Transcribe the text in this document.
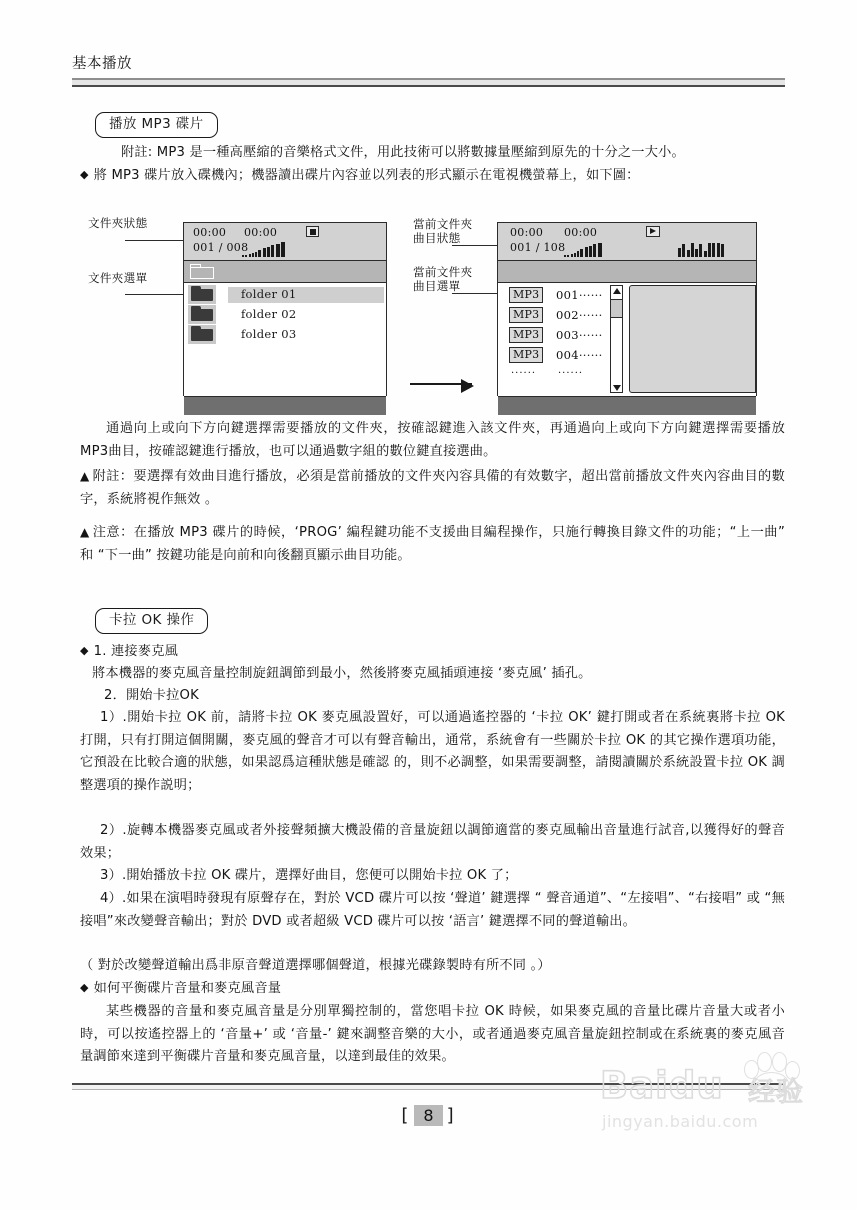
基本播放
播放 MP3 碟片
附註: MP3 是一種高壓縮的音樂格式文件，用此技術可以將數據量壓縮到原先的十分之一大小。
◆ 將 MP3 碟片放入碟機內；機器讀出碟片內容並以列表的形式顯示在電視機螢幕上，如下圖：
文件夾狀態
文件夾選單
00:00 00:00
001 / 008
folder 01
folder 02
folder 03
當前文件夾
曲目狀態
當前文件夾
曲目選單
00:00 00:00
001 / 108
MP3	001······
MP3	002······
MP3	003······
MP3	004······
······ ······
通過向上或向下方向鍵選擇需要播放的文件夾，按確認鍵進入該文件夾，再通過向上或向下方向鍵選擇需要播放MP3曲目，按確認鍵進行播放，也可以通過數字組的數位鍵直接選曲。
▲ 附註：要選擇有效曲目進行播放，必須是當前播放的文件夾內容具備的有效數字，超出當前播放文件夾內容曲目的數字，系統將視作無效 。
▲ 注意：在播放 MP3 碟片的時候，‘PROG’ 編程鍵功能不支援曲目編程操作，只施行轉換目錄文件的功能；“上一曲” 和 “下一曲” 按鍵功能是向前和向後翻頁顯示曲目功能。
卡拉 OK 操作
◆ 1. 連接麥克風
將本機器的麥克風音量控制旋鈕調節到最小，然後將麥克風插頭連接 ‘麥克風’ 插孔。
2．開始卡拉OK
1）.開始卡拉 OK 前，請將卡拉 OK 麥克風設置好，可以通過遙控器的 ‘卡拉 OK’ 鍵打開或者在系統裏將卡拉 OK 打開，只有打開這個開關，麥克風的聲音才可以有聲音輸出，通常，系統會有一些關於卡拉 OK 的其它操作選項功能，它預設在比較合適的狀態，如果認爲這種狀態是確認 的，則不必調整，如果需要調整，請閱讀關於系統設置卡拉 OK 調整選項的操作説明；
2）.旋轉本機器麥克風或者外接聲頻擴大機設備的音量旋鈕以調節適當的麥克風輸出音量進行試音,以獲得好的聲音效果；
3）.開始播放卡拉 OK 碟片，選擇好曲目，您便可以開始卡拉 OK 了；
4）.如果在演唱時發現有原聲存在，對於 VCD 碟片可以按 ‘聲道’ 鍵選擇 “ 聲音通道”、“左接唱”、“右接唱” 或 “無接唱”來改變聲音輸出；對於 DVD 或者超級 VCD 碟片可以按 ‘語言’ 鍵選擇不同的聲道輸出。
（ 對於改變聲道輸出爲非原音聲道選擇哪個聲道，根據光碟錄製時有所不同 。）
◆ 如何平衡碟片音量和麥克風音量
某些機器的音量和麥克風音量是分別單獨控制的，當您唱卡拉 OK 時候，如果麥克風的音量比碟片音量大或者小時，可以按遙控器上的 ‘音量+’ 或 ‘音量-’ 鍵來調整音樂的大小，或者通過麥克風音量旋鈕控制或在系統裏的麥克風音量調節來達到平衡碟片音量和麥克風音量，以達到最佳的效果。
[ 8 ]
Baidu 经验
jingyan.baidu.com
